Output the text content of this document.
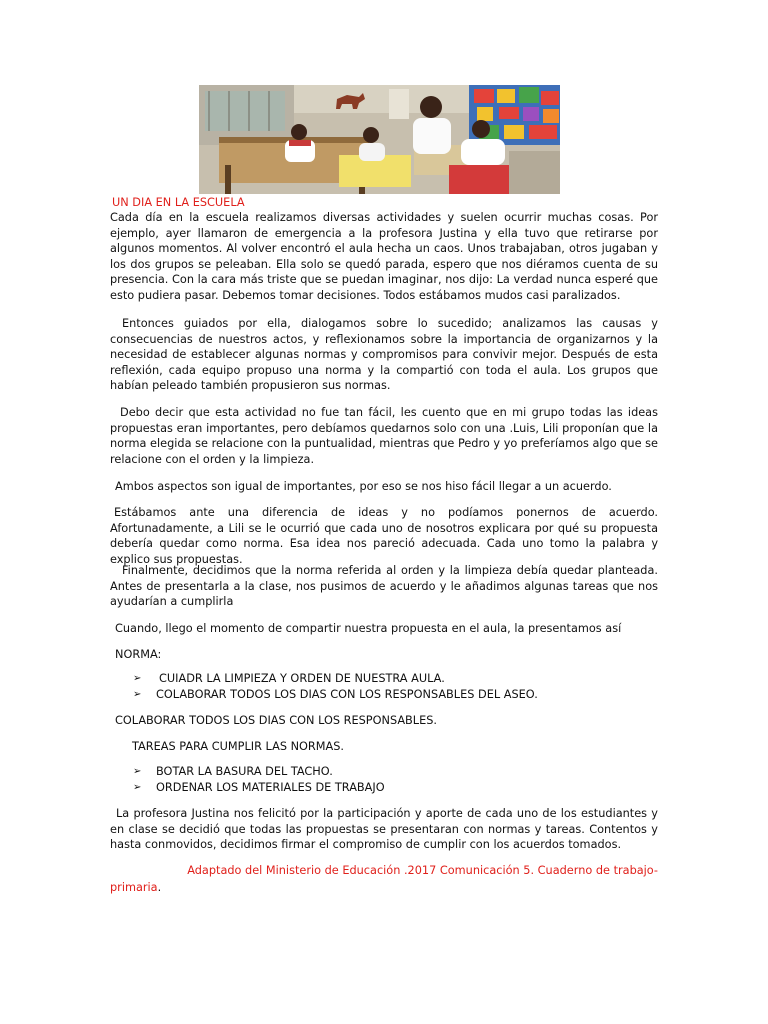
UN DIA EN LA ESCUELA
Cada día en la escuela realizamos diversas actividades y suelen ocurrir muchas cosas. Por ejemplo, ayer llamaron de emergencia a la profesora Justina y ella tuvo que retirarse por algunos momentos. Al volver encontró el aula hecha un caos. Unos trabajaban, otros jugaban y los dos grupos se peleaban. Ella solo se quedó parada, espero que nos diéramos cuenta de su presencia. Con la cara más triste que se puedan imaginar, nos dijo: La verdad nunca esperé que esto pudiera pasar. Debemos tomar decisiones. Todos estábamos mudos casi paralizados.
Entonces guiados por ella, dialogamos sobre lo sucedido; analizamos las causas y consecuencias de nuestros actos, y reflexionamos sobre la importancia de organizarnos y la necesidad de establecer algunas normas y compromisos para convivir mejor. Después de esta reflexión, cada equipo propuso una norma y la compartió con toda el aula. Los grupos que habían peleado también propusieron sus normas.
Debo decir que esta actividad no fue tan fácil, les cuento que en mi grupo todas las ideas propuestas eran importantes, pero debíamos quedarnos solo con una .Luis, Lili proponían que la norma elegida se relacione con la puntualidad, mientras que Pedro y yo preferíamos algo que se relacione con el orden y la limpieza.
Ambos aspectos son igual de importantes, por eso se nos hiso fácil llegar a un acuerdo.
Estábamos ante una diferencia de ideas y no podíamos ponernos de acuerdo. Afortunadamente, a Lili se le ocurrió que cada uno de nosotros explicara por qué su propuesta debería quedar como norma. Esa idea nos pareció adecuada. Cada uno tomo la palabra y explico sus propuestas.
Finalmente, decidimos que la norma referida al orden y la limpieza debía quedar planteada. Antes de presentarla a la clase, nos pusimos de acuerdo y le añadimos algunas tareas que nos ayudarían a cumplirla
Cuando, llego el momento de compartir nuestra propuesta en el aula, la presentamos así
NORMA:
➢	CUIADR LA LIMPIEZA Y ORDEN DE NUESTRA AULA.
➢	COLABORAR TODOS LOS DIAS CON LOS RESPONSABLES DEL ASEO.
COLABORAR TODOS LOS DIAS CON LOS RESPONSABLES.
TAREAS PARA CUMPLIR LAS NORMAS.
➢	BOTAR LA BASURA DEL TACHO.
➢	ORDENAR LOS MATERIALES DE TRABAJO
La profesora Justina nos felicitó por la participación y aporte de cada uno de los estudiantes y en clase se decidió que todas las propuestas se presentaran con normas y tareas. Contentos y hasta conmovidos, decidimos firmar el compromiso de cumplir con los acuerdos tomados.
Adaptado del Ministerio de Educación .2017 Comunicación 5. Cuaderno de trabajo-
primaria.
